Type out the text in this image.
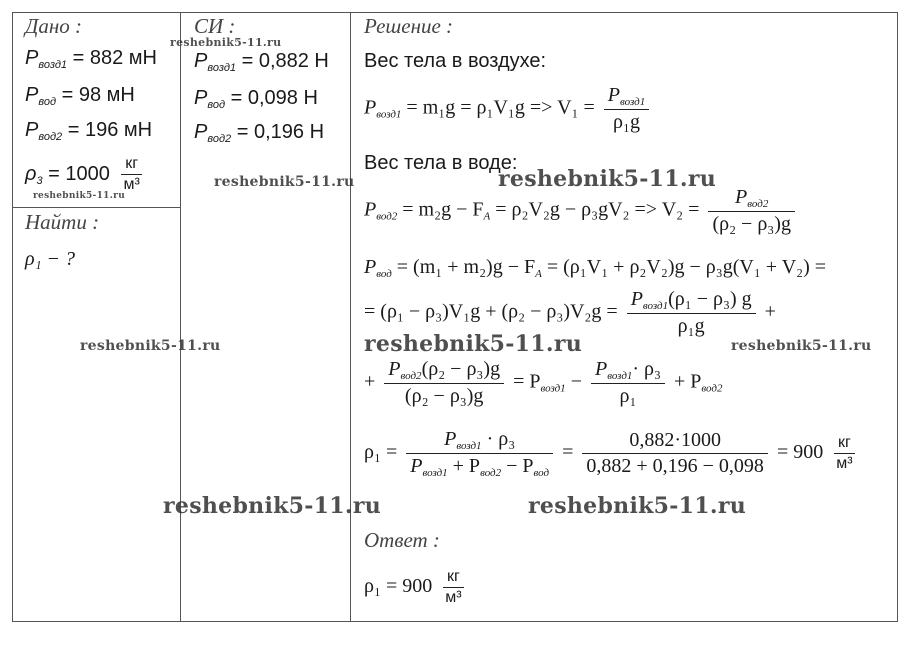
Дано :	СИ :	Решение :
Найти :
Ответ :
$P_{возд1} = 882$ мН
$P_{вод} = 98$ мН
$P_{вод2} = 196$ мН
$\rho_3 = 1000$ кг
м³
$P_{возд1} = 0,882$ Н
$P_{вод} = 0,098$ Н
$P_{вод2} = 0,196$ Н
ρ₁ − ?
Вес тела в воздухе:
$P_{возд1} = m_1g = \rho_1V_1g => V_1 = \frac{P_{возд1}}{\text{ρ₁g}}$
Вес тела в воде:
$P_{вод2} = m_2g - F_A = \rho_2V_2g - \rho_3gV_2 => V_2 = \frac{P_{вод2}}{\text{(ρ₂ − ρ₃)g}}$
$P_{вод} = (m_1 + m_2)g - F_A = (\rho_1V_1 + \rho_2V_2)g - \rho_3g(V_1 + V_2)$ =
= $(\rho_1 - \rho_3)V_1g + (\rho_2 - \rho_3)V_2g = \frac{P_{возд1}(\rho_1 - \rho_3) g}{\text{ρ₁g}}$ +
+ $\frac{P_{вод2}(\rho_2 - \rho_3)g}{\text{(ρ₂ − ρ₃)g}} = P_{возд1} - \frac{P_{возд1}\cdot \rho_3}{\text{ρ₁}} + P_{вод2}$
$\rho_1 = \frac{P_{возд1} \cdot \rho_3}{P_{возд1} + P_{вод2} - P_{вод}} = \frac{0,882\cdot 1000}{0,882 + 0,196 - 0,098} = 900$ кг
м³
ρ₁ = 900 кг
м³
reshebnik5-11.ru
reshebnik5-11.ru
reshebnik5-11.ru	reshebnik5-11.ru
reshebnik5-11.ru	reshebnik5-11.ru	reshebnik5-11.ru
reshebnik5-11.ru	reshebnik5-11.ru
